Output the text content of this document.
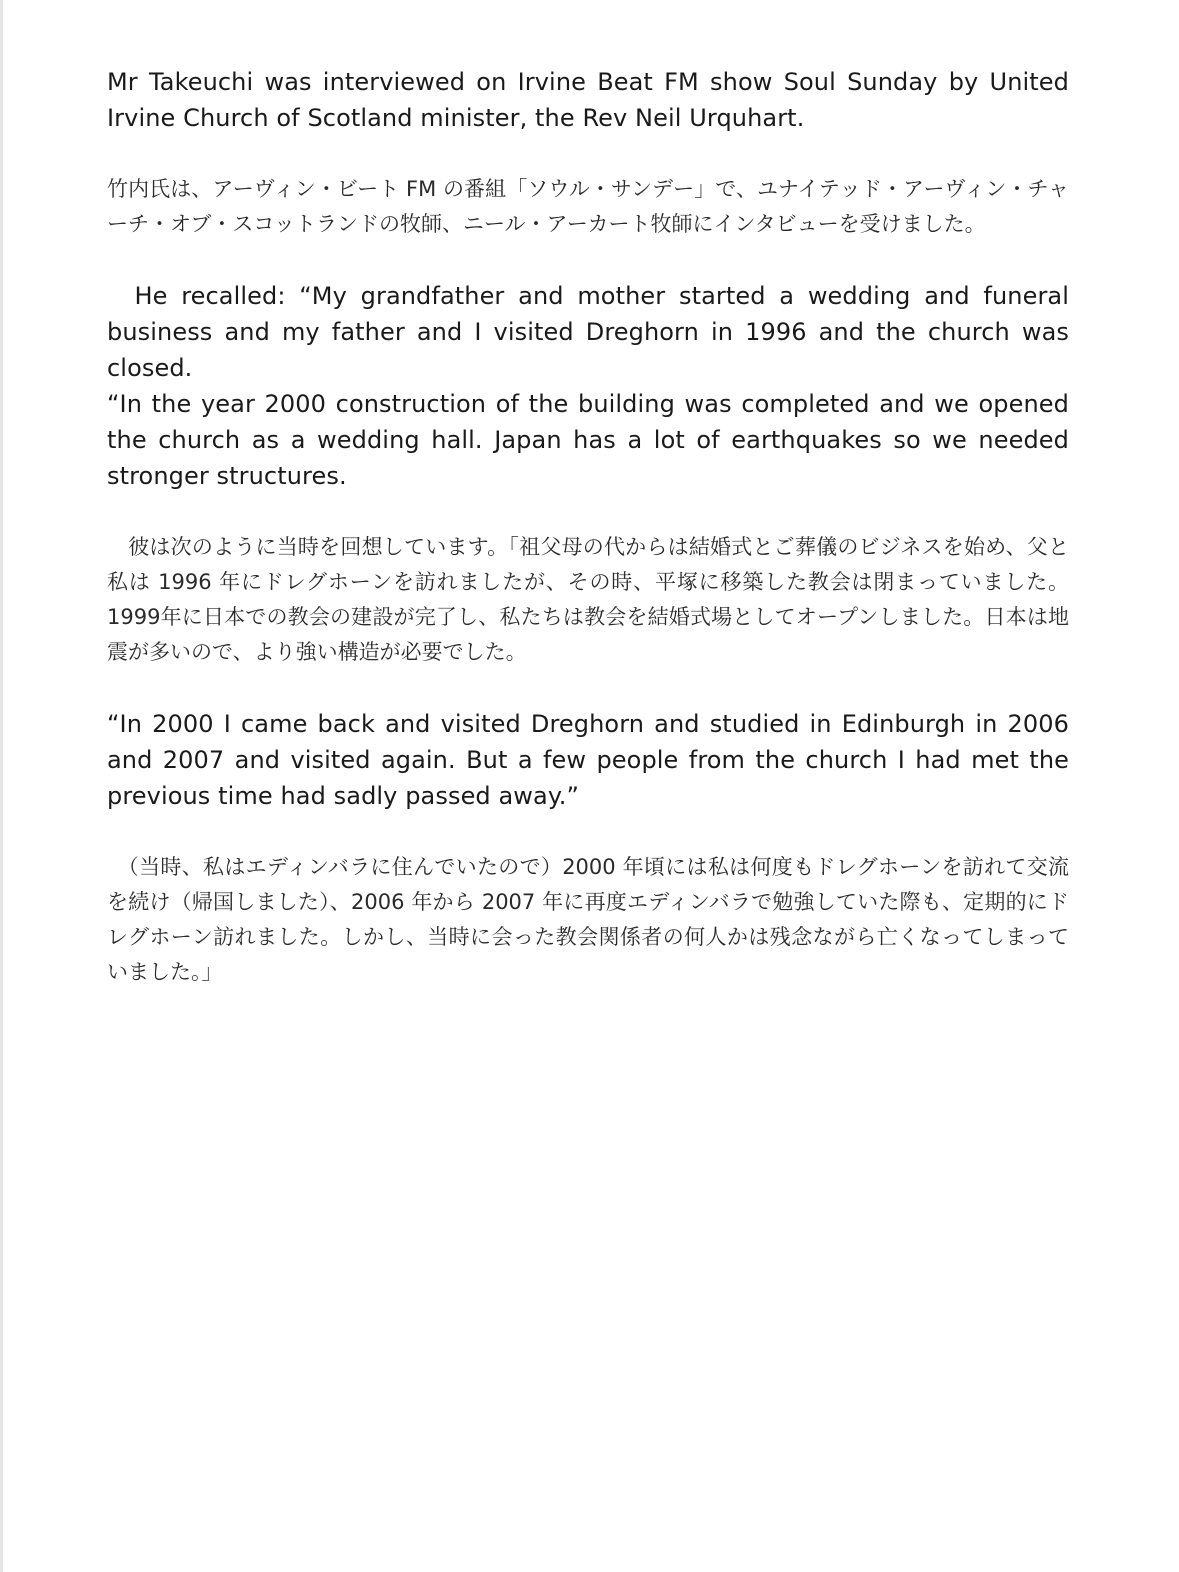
Mr Takeuchi was interviewed on Irvine Beat FM show Soul Sunday by United Irvine Church of Scotland minister, the Rev Neil Urquhart.

竹内氏は、アーヴィン・ビート FM の番組「ソウル・サンデー」で、ユナイテッド・アーヴィン・チャーチ・オブ・スコットランドの牧師、ニール・アーカート牧師にインタビューを受けました。

He recalled: “My grandfather and mother started a wedding and funeral business and my father and I visited Dreghorn in 1996 and the church was closed.

“In the year 2000 construction of the building was completed and we opened the church as a wedding hall. Japan has a lot of earthquakes so we needed stronger structures.

　彼は次のように当時を回想しています。「祖父母の代からは結婚式とご葬儀のビジネスを始め、父と私は 1996 年にドレグホーンを訪れましたが、その時、平塚に移築した教会は閉まっていました。1999年に日本での教会の建設が完了し、私たちは教会を結婚式場としてオープンしました。日本は地震が多いので、より強い構造が必要でした。

“In 2000 I came back and visited Dreghorn and studied in Edinburgh in 2006 and 2007 and visited again. But a few people from the church I had met the previous time had sadly passed away.”

　（当時、私はエディンバラに住んでいたので）2000 年頃には私は何度もドレグホーンを訪れて交流を続け（帰国しました）、2006 年から 2007 年に再度エディンバラで勉強していた際も、定期的にドレグホーン訪れました。しかし、当時に会った教会関係者の何人かは残念ながら亡くなってしまっていました。」
